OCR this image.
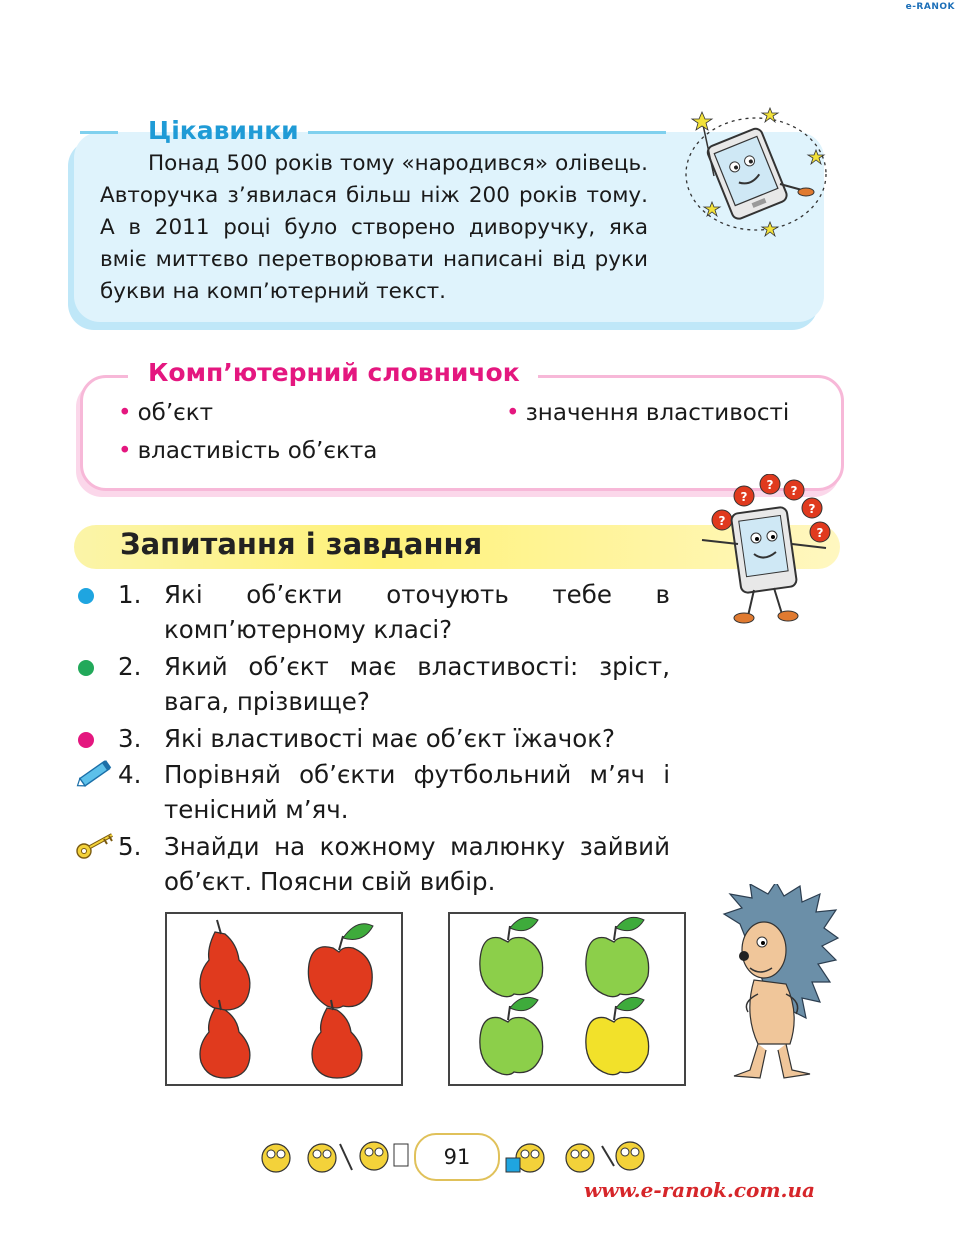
e-RANOK
Цікавинки

Понад 500 років тому «народився» олівець. Авторучка з’явилася більш ніж 200 років тому. А в 2011 році було створено диворучку, яка вміє миттєво перетворювати написані від руки букви на комп’ютерний текст.

Комп’ютерний словничок
• об’єкт
• властивість об’єкта
• значення властивості
Запитання і завдання
?
?
? ?
?
?
1. Які об’єкти оточують тебе в комп’ютерному класі?
2. Який об’єкт має властивості: зріст, вага, прізвище?
3. Які властивості має об’єкт їжачок?
4. Порівняй об’єкти футбольний м’яч і тенісний м’яч.
5. Знайди на кожному малюнку зайвий об’єкт. Поясни свій вибір.
91
www.e-ranok.com.ua
